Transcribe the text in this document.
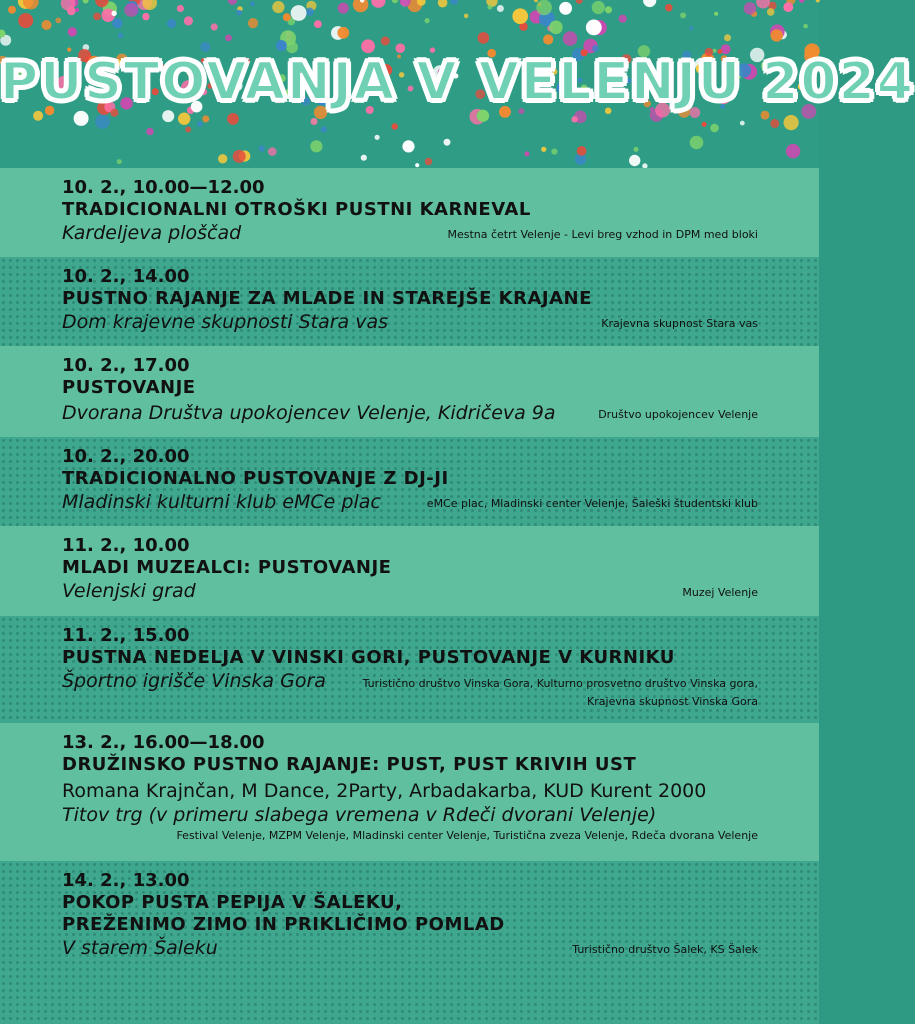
PUSTOVANJA V VELENJU 2024
10. 2., 10.00—12.00
TRADICIONALNI OTROŠKI PUSTNI KARNEVAL
Kardeljeva ploščad	Mestna četrt Velenje - Levi breg vzhod in DPM med bloki
10. 2., 14.00
PUSTNO RAJANJE ZA MLADE IN STAREJŠE KRAJANE
Dom krajevne skupnosti Stara vas	Krajevna skupnost Stara vas
10. 2., 17.00
PUSTOVANJE
Dvorana Društva upokojencev Velenje, Kidričeva 9a	Društvo upokojencev Velenje
10. 2., 20.00
TRADICIONALNO PUSTOVANJE Z DJ-JI
Mladinski kulturni klub eMCe plac	eMCe plac, Mladinski center Velenje, Šaleški študentski klub
11. 2., 10.00
MLADI MUZEALCI: PUSTOVANJE
Velenjski grad	Muzej Velenje
11. 2., 15.00
PUSTNA NEDELJA V VINSKI GORI, PUSTOVANJE V KURNIKU
Športno igrišče Vinska Gora	Turistično društvo Vinska Gora, Kulturno prosvetno društvo Vinska gora,
Krajevna skupnost Vinska Gora
13. 2., 16.00—18.00
DRUŽINSKO PUSTNO RAJANJE: PUST, PUST KRIVIH UST
Romana Krajnčan, M Dance, 2Party, Arbadakarba, KUD Kurent 2000
Titov trg (v primeru slabega vremena v Rdeči dvorani Velenje)
Festival Velenje, MZPM Velenje, Mladinski center Velenje, Turistična zveza Velenje, Rdeča dvorana Velenje
14. 2., 13.00
POKOP PUSTA PEPIJA V ŠALEKU,
PREŽENIMO ZIMO IN PRIKLIČIMO POMLAD
V starem Šaleku	Turistično društvo Šalek, KS Šalek
